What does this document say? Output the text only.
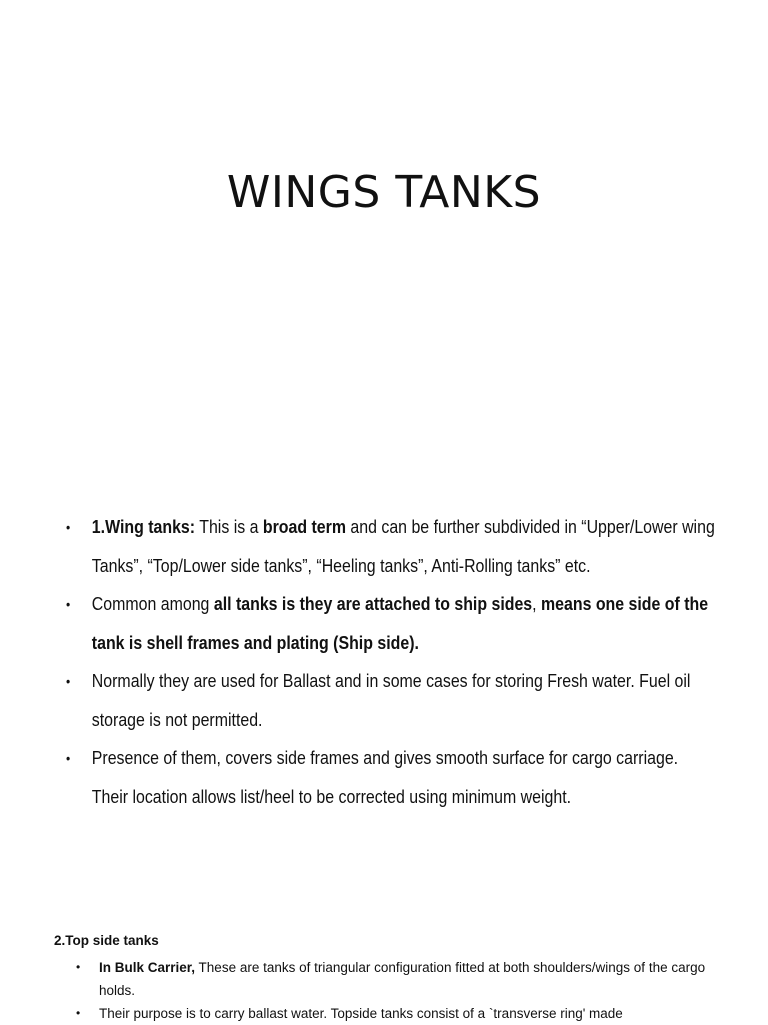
WINGS TANKS
• 1.Wing tanks: This is a broad term and can be further subdivided in “Upper/Lower wing Tanks”, “Top/Lower side tanks”, “Heeling tanks”, Anti-Rolling tanks” etc.
• Common among all tanks is they are attached to ship sides, means one side of the tank is shell frames and plating (Ship side).
• Normally they are used for Ballast and in some cases for storing Fresh water. Fuel oil storage is not permitted.
• Presence of them, covers side frames and gives smooth surface for cargo carriage. Their location allows list/heel to be corrected using minimum weight.
2.Top side tanks
• In Bulk Carrier, These are tanks of triangular configuration fitted at both shoulders/wings of the cargo holds.
• Their purpose is to carry ballast water. Topside tanks consist of a `transverse ring' made
